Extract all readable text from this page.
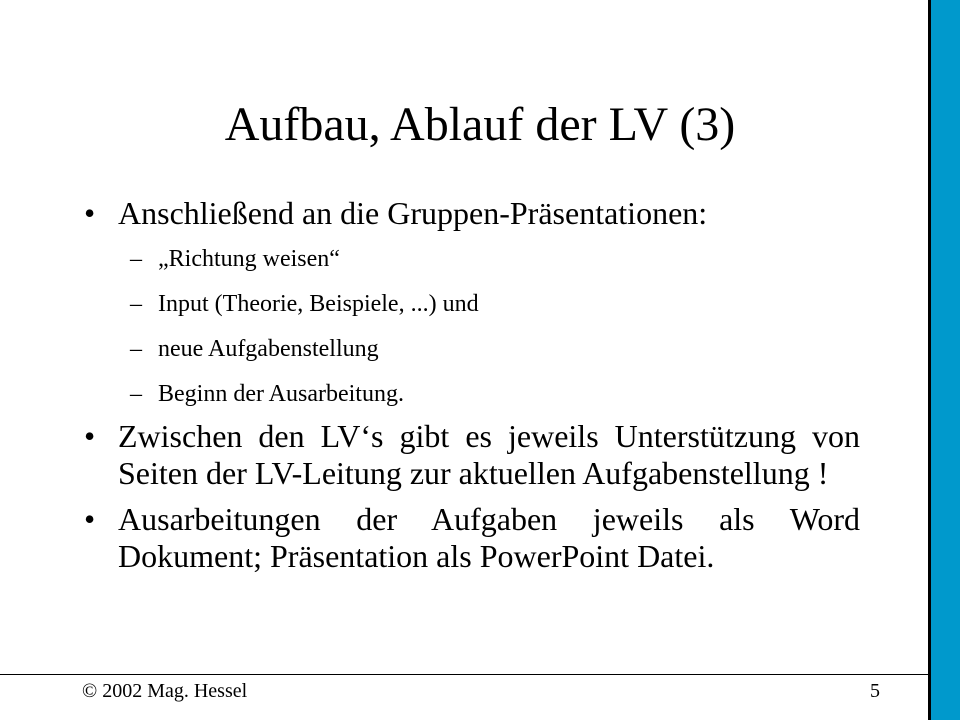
Aufbau, Ablauf der LV (3)
• Anschließend an die Gruppen-Präsentationen:
– „Richtung weisen“
– Input (Theorie, Beispiele, ...) und
– neue Aufgabenstellung
– Beginn der Ausarbeitung.
• Zwischen den LV‘s gibt es jeweils Unterstützung von Seiten der LV-Leitung zur aktuellen Aufgabenstellung !
• Ausarbeitungen der Aufgaben jeweils als Word Dokument; Präsentation als PowerPoint Datei.
© 2002 Mag. Hessel	5
